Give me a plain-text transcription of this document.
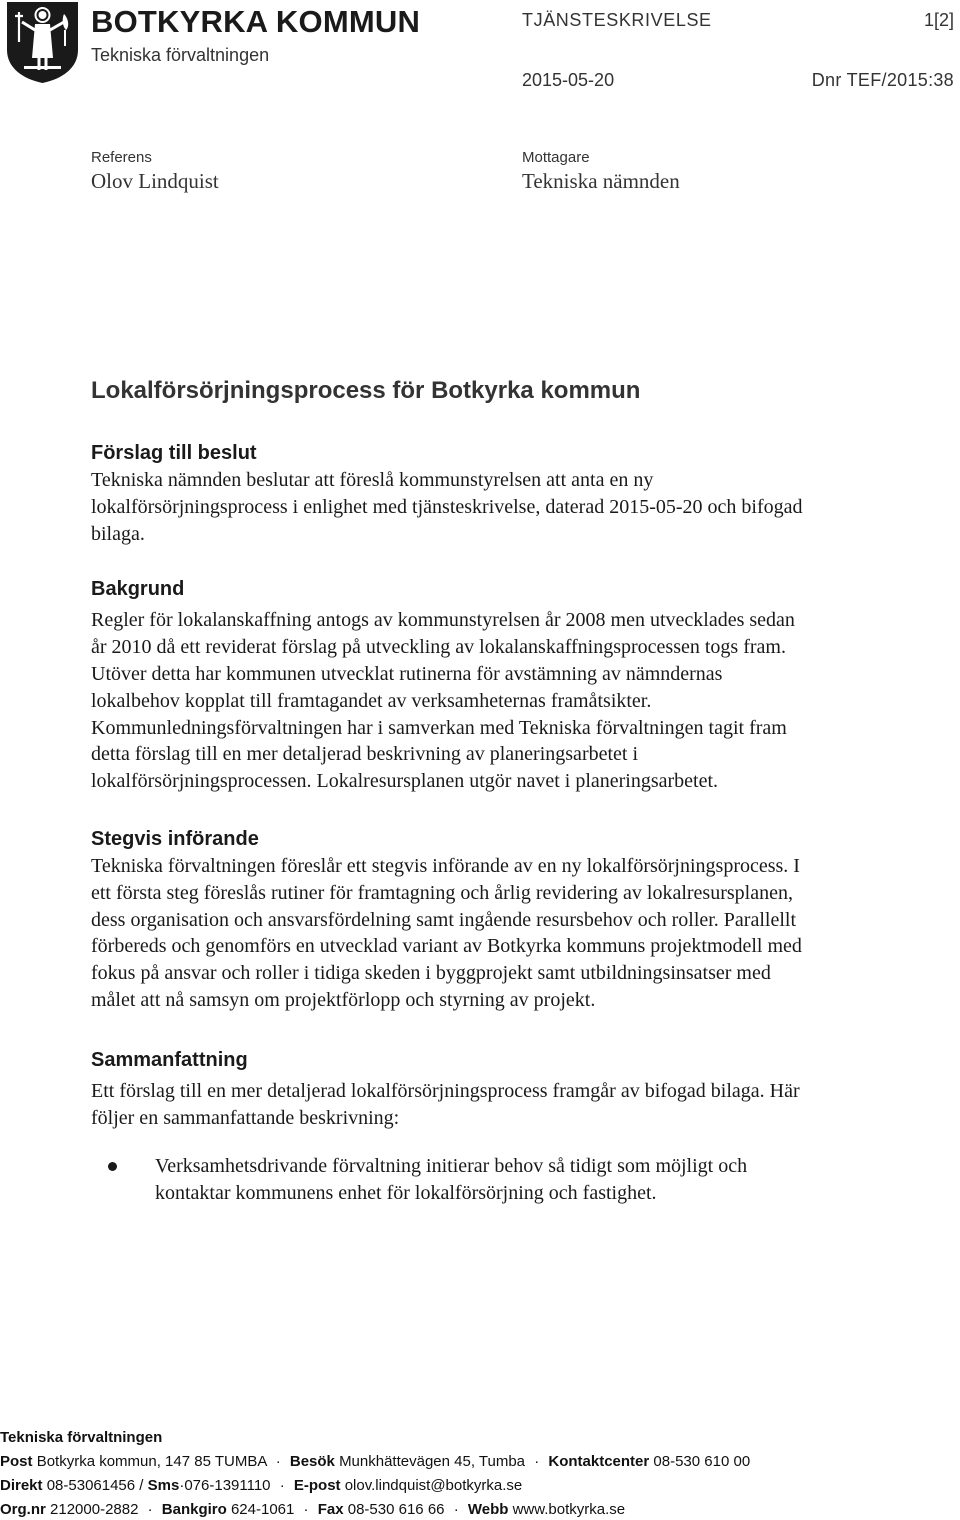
BOTKYRKA KOMMUN
Tekniska förvaltningen
TJÄNSTESKRIVELSE	1[2]
2015-05-20	Dnr TEF/2015:38
Referens
Olov Lindquist
Mottagare
Tekniska nämnden
Lokalförsörjningsprocess för Botkyrka kommun
Förslag till beslut

Tekniska nämnden beslutar att föreslå kommunstyrelsen att anta en ny lokalförsörjningsprocess i enlighet med tjänsteskrivelse, daterad 2015-05-20 och bifogad bilaga.

Bakgrund

Regler för lokalanskaffning antogs av kommunstyrelsen år 2008 men utvecklades sedan år 2010 då ett reviderat förslag på utveckling av lokalanskaffningsprocessen togs fram. Utöver detta har kommunen utvecklat rutinerna för avstämning av nämndernas lokalbehov kopplat till framtagandet av verksamheternas framåtsikter. Kommunledningsförvaltningen har i samverkan med Tekniska förvaltningen tagit fram detta förslag till en mer detaljerad beskrivning av planeringsarbetet i lokalförsörjningsprocessen. Lokalresursplanen utgör navet i planeringsarbetet.

Stegvis införande

Tekniska förvaltningen föreslår ett stegvis införande av en ny lokalförsörjningsprocess. I ett första steg föreslås rutiner för framtagning och årlig revidering av lokalresursplanen, dess organisation och ansvarsfördelning samt ingående resursbehov och roller. Parallellt förbereds och genomförs en utvecklad variant av Botkyrka kommuns projektmodell med fokus på ansvar och roller i tidiga skeden i byggprojekt samt utbildningsinsatser med målet att nå samsyn om projektförlopp och styrning av projekt.

Sammanfattning

Ett förslag till en mer detaljerad lokalförsörjningsprocess framgår av bifogad bilaga. Här följer en sammanfattande beskrivning:

Verksamhetsdrivande förvaltning initierar behov så tidigt som möjligt och kontaktar kommunens enhet för lokalförsörjning och fastighet.

Tekniska förvaltningen
Post Botkyrka kommun, 147 85 TUMBA · Besök Munkhättevägen 45, Tumba · Kontaktcenter 08-530 610 00
Direkt 08-53061456 / Sms·076-1391110 · E-post olov.lindquist@botkyrka.se
Org.nr 212000-2882 · Bankgiro 624-1061 · Fax 08-530 616 66 · Webb www.botkyrka.se
